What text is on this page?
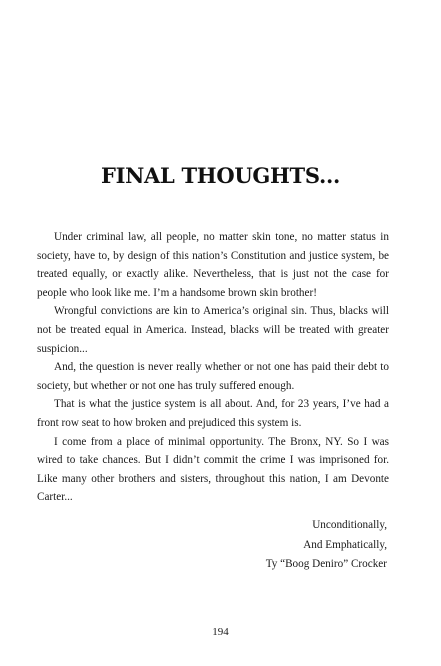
FINAL THOUGHTS...

Under criminal law, all people, no matter skin tone, no matter status in society, have to, by design of this nation’s Constitution and justice system, be treated equally, or exactly alike. Nevertheless, that is just not the case for people who look like me. I’m a handsome brown skin brother!

Wrongful convictions are kin to America’s original sin. Thus, blacks will not be treated equal in America. Instead, blacks will be treated with greater suspicion...

And, the question is never really whether or not one has paid their debt to society, but whether or not one has truly suffered enough.

That is what the justice system is all about. And, for 23 years, I’ve had a front row seat to how broken and prejudiced this system is.

I come from a place of minimal opportunity. The Bronx, NY. So I was wired to take chances. But I didn’t commit the crime I was imprisoned for. Like many other brothers and sisters, throughout this nation, I am Devonte Carter...

Unconditionally,
And Emphatically,
Ty “Boog Deniro” Crocker
194
